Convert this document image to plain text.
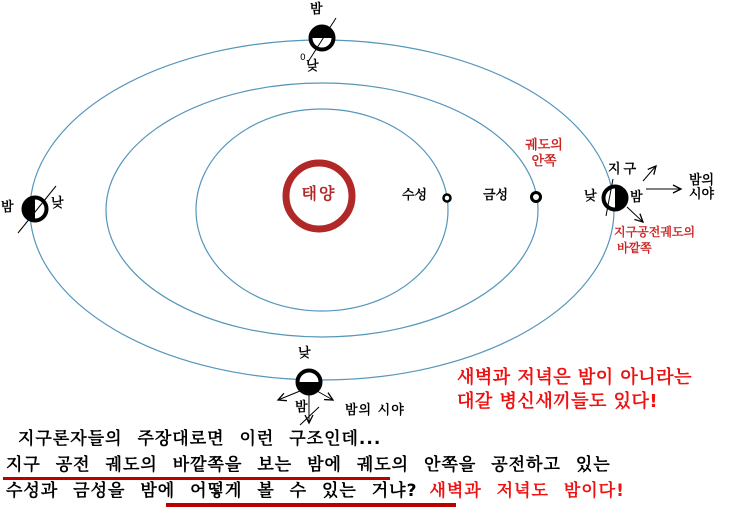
밤
0
낮
밤	낮
태양	수성	금성
궤도의
안쪽
지구
낮	밤
밤의
시야
지구공전궤도의
바깥쪽
낮
밤	밤의 시야
새벽과 저녁은 밤이 아니라는
대갈 병신새끼들도 있다!
지구론자들의 주장대로면 이런 구조인데...
지구 공전 궤도의 바깥쪽을 보는 밤에 궤도의 안쪽을 공전하고 있는
수성과 금성을 밤에 어떻게 볼 수 있는 거냐? 새벽과 저녁도 밤이다!
